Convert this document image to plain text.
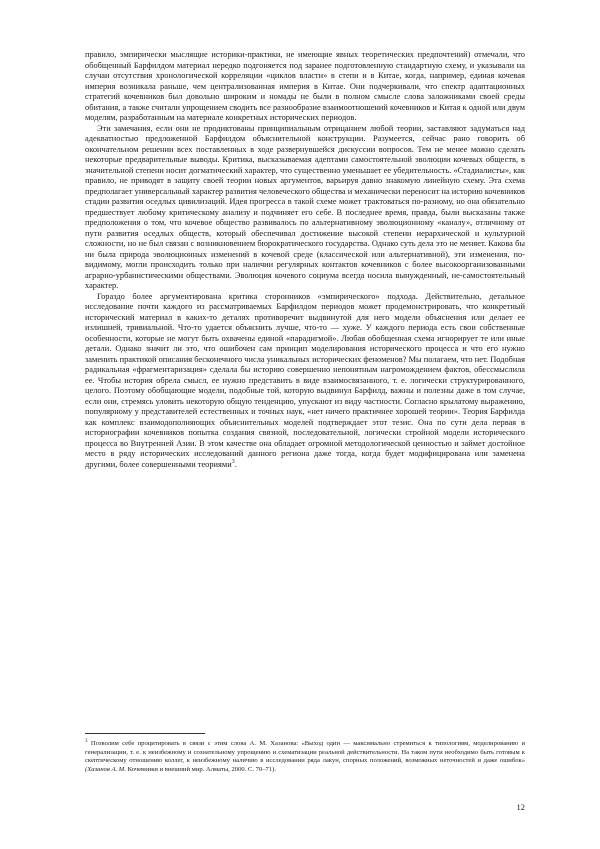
правило, эмпирически мыслящие историки-практики, не имеющие явных теоретических предпочтений) отмечали, что обобщенный Барфилдом материал нередко подгоняется под заранее подготовленную стандартную схему, и указывали на случаи отсутствия хронологической корреляции «циклов власти» в степи и в Китае, когда, например, единая кочевая империя возникала раньше, чем централизованная империя в Китае. Они подчеркивали, что спектр адаптационных стратегий кочевников был довольно широким и номады не были в полном смысле слова заложниками своей среды обитания, а также считали упрощением сводить все разнообразие взаимоотношений кочевников и Китая к одной или двум моделям, разработанным на материале конкретных исторических периодов.

Эти замечания, если они не продиктованы принципиальным отрицанием любой теории, заставляют задуматься над адекватностью предложенной Барфилдом объяснительной конструкции. Разумеется, сейчас рано говорить об окончательном решении всех поставленных в ходе развернувшейся дискуссии вопросов. Тем не менее можно сделать некоторые предварительные выводы. Критика, высказываемая адептами самостоятельной эволюции кочевых обществ, в значительной степени носит догматический характер, что существенно уменьшает ее убедительность. «Стадиалисты», как правило, не приводят в защиту своей теории новых аргументов, варьируя давно знакомую линейную схему. Эта схема предполагает универсальный характер развития человеческого общества и механически переносит на историю кочевников стадии развития оседлых цивилизаций. Идея прогресса в такой схеме может трактоваться по-разному, но она обязательно предшествует любому критическому анализу и подчиняет его себе. В последнее время, правда, были высказаны также предположения о том, что кочевое общество развивалось по альтернативному эволюционному «каналу», отличному от пути развития оседлых обществ, который обеспечивал достижение высокой степени иерархической и культурной сложности, но не был связан с возникновением бюрократического государства. Однако суть дела это не меняет. Какова бы ни была природа эволюционных изменений в кочевой среде (классической или альтернативной), эти изменения, по-видимому, могли происходить только при наличии регулярных контактов кочевников с более высокоорганизованными аграрно-урбанистическими обществами. Эволюция кочевого социума всегда носила вынужденный, не-самостоятельный характер.

Гораздо более аргументирована критика сторонников «эмпирического» подхода. Действительно, детальное исследование почти каждого из рассматриваемых Барфилдом периодов может продемонстрировать, что конкретный исторический материал в каких-то деталях противоречит выдвинутой для него модели объяснения или делает ее излишней, тривиальной. Что-то удается объяснить лучше, что-то — хуже. У каждого периода есть свои собственные особенности, которые не могут быть охвачены единой «парадигмой». Любая обобщенная схема игнорирует те или иные детали. Однако значит ли это, что ошибочен сам принцип моделирования исторического процесса и что его нужно заменить практикой описания бесконечного числа уникальных исторических феноменов? Мы полагаем, что нет. Подобная радикальная «фрагментаризация» сделала бы историю совершенно непонятным нагромождением фактов, обессмыслила ее. Чтобы история обрела смысл, ее нужно представить в виде взаимосвязанного, т. е. логически структурированного, целого. Поэтому обобщающие модели, подобные той, которую выдвинул Барфилд, важны и полезны даже в том случае, если они, стремясь уловить некоторую общую тенденцию, упускают из виду частности. Согласно крылатому выражению, популярному у представителей естественных и точных наук, «нет ничего практичнее хорошей теории». Теория Барфилда как комплекс взаимодополняющих объяснительных моделей подтверждает этот тезис. Она по сути дела первая в историографии кочевников попытка создания связной, последовательной, логически стройной модели исторического процесса во Внутренней Азии. В этом качестве она обладает огромной методологической ценностью и займет достойное место в ряду исторических исследований данного региона даже тогда, когда будет модифицирована или заменена другими, более совершенными теориями$^3$.

$^3$ Позволим себе процитировать в связи с этим слова А. М. Хазанова: «Выход один — максимально стремиться к типологиям, моделированию и генерализации, т. е. к неизбежному и сознательному упрощению и схематизации реальной действительности. На таком пути необходимо быть готовым к скептическому отношению коллег, к неизбежному наличию в исследовании ряда лакун, спорных положений, возможных неточностей и даже ошибок» (Хазанов А. М. Кочевники и внешний мир. Алматы, 2000. С. 70–71).
12
